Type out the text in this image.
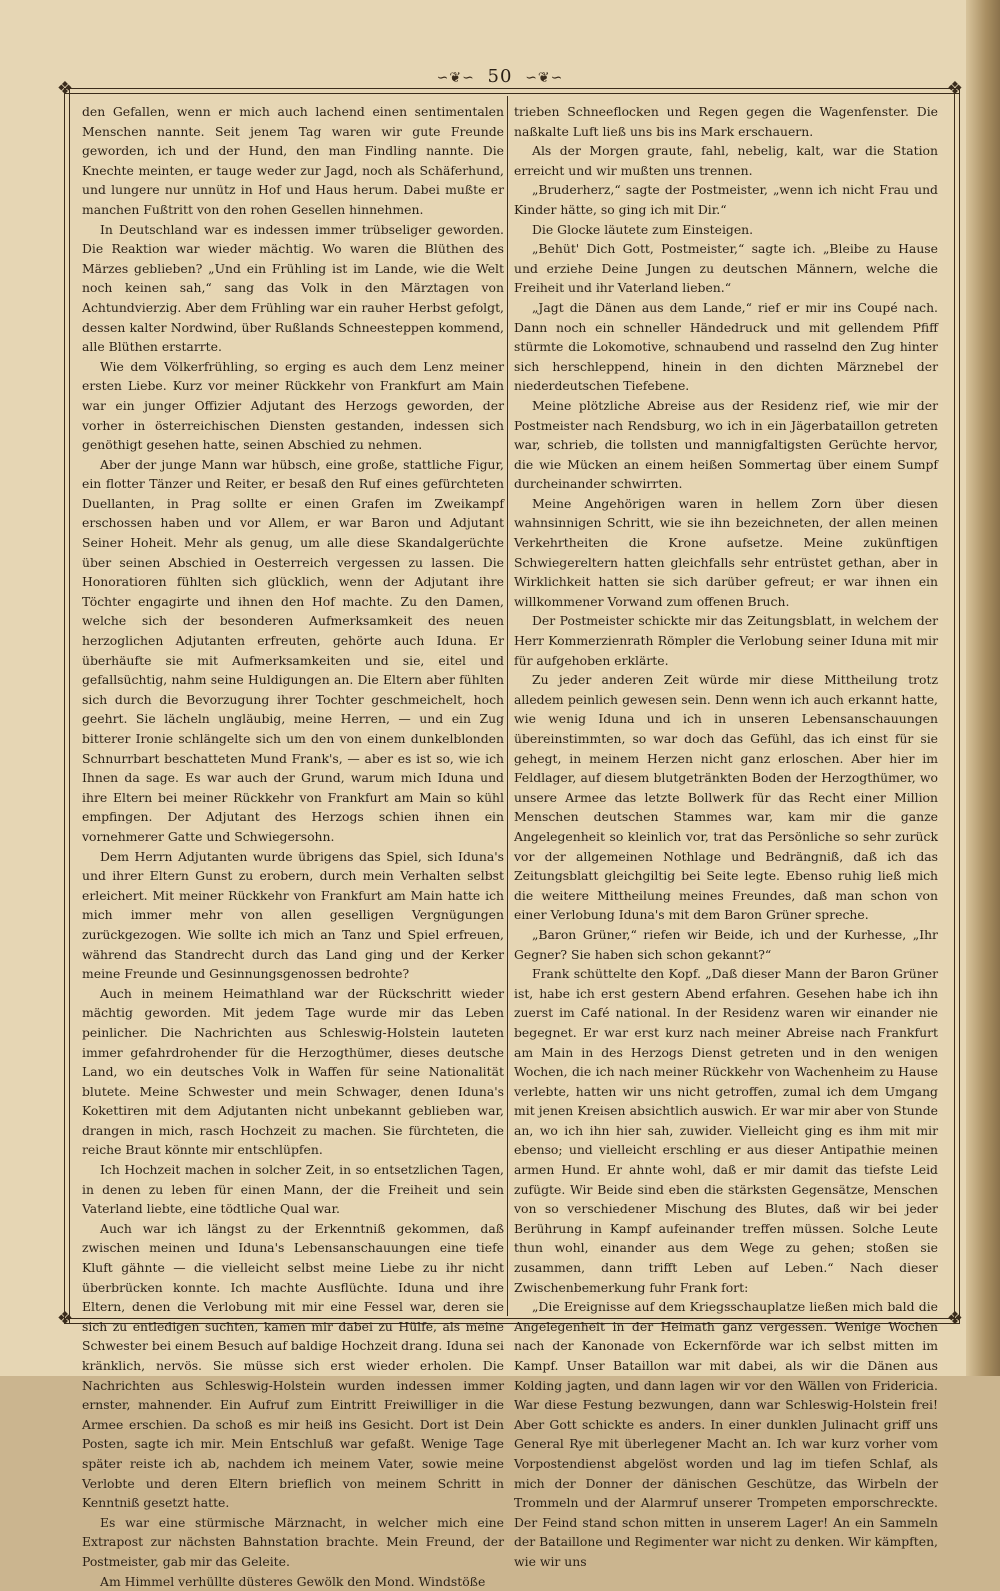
∽❦∽ 50 ∽❦∽
❖	❖
❖	❖

den Gefallen, wenn er mich auch lachend einen sentimentalen Menschen nannte. Seit jenem Tag waren wir gute Freunde geworden, ich und der Hund, den man Findling nannte. Die Knechte meinten, er tauge weder zur Jagd, noch als Schäferhund, und lungere nur unnütz in Hof und Haus herum. Dabei mußte er manchen Fußtritt von den rohen Gesellen hinnehmen.

In Deutschland war es indessen immer trübseliger geworden. Die Reaktion war wieder mächtig. Wo waren die Blüthen des Märzes geblieben? „Und ein Frühling ist im Lande, wie die Welt noch keinen sah,“ sang das Volk in den Märztagen von Achtundvierzig. Aber dem Frühling war ein rauher Herbst gefolgt, dessen kalter Nordwind, über Rußlands Schneesteppen kommend, alle Blüthen erstarrte.

Wie dem Völkerfrühling, so erging es auch dem Lenz meiner ersten Liebe. Kurz vor meiner Rückkehr von Frankfurt am Main war ein junger Offizier Adjutant des Herzogs geworden, der vorher in österreichischen Diensten gestanden, indessen sich genöthigt gesehen hatte, seinen Abschied zu nehmen.

Aber der junge Mann war hübsch, eine große, stattliche Figur, ein flotter Tänzer und Reiter, er besaß den Ruf eines gefürchteten Duellanten, in Prag sollte er einen Grafen im Zweikampf erschossen haben und vor Allem, er war Baron und Adjutant Seiner Hoheit. Mehr als genug, um alle diese Skandalgerüchte über seinen Abschied in Oesterreich vergessen zu lassen. Die Honoratioren fühlten sich glücklich, wenn der Adjutant ihre Töchter engagirte und ihnen den Hof machte. Zu den Damen, welche sich der besonderen Aufmerksamkeit des neuen herzoglichen Adjutanten erfreuten, gehörte auch Iduna. Er überhäufte sie mit Aufmerksamkeiten und sie, eitel und gefallsüchtig, nahm seine Huldigungen an. Die Eltern aber fühlten sich durch die Bevorzugung ihrer Tochter geschmeichelt, hoch geehrt. Sie lächeln ungläubig, meine Herren, — und ein Zug bitterer Ironie schlängelte sich um den von einem dunkelblonden Schnurrbart beschatteten Mund Frank's, — aber es ist so, wie ich Ihnen da sage. Es war auch der Grund, warum mich Iduna und ihre Eltern bei meiner Rückkehr von Frankfurt am Main so kühl empfingen. Der Adjutant des Herzogs schien ihnen ein vornehmerer Gatte und Schwiegersohn.

Dem Herrn Adjutanten wurde übrigens das Spiel, sich Iduna's und ihrer Eltern Gunst zu erobern, durch mein Verhalten selbst erleichert. Mit meiner Rückkehr von Frankfurt am Main hatte ich mich immer mehr von allen geselligen Vergnügungen zurückgezogen. Wie sollte ich mich an Tanz und Spiel erfreuen, während das Standrecht durch das Land ging und der Kerker meine Freunde und Gesinnungsgenossen bedrohte?

Auch in meinem Heimathland war der Rückschritt wieder mächtig geworden. Mit jedem Tage wurde mir das Leben peinlicher. Die Nachrichten aus Schleswig-Holstein lauteten immer gefahrdrohender für die Herzogthümer, dieses deutsche Land, wo ein deutsches Volk in Waffen für seine Nationalität blutete. Meine Schwester und mein Schwager, denen Iduna's Kokettiren mit dem Adjutanten nicht unbekannt geblieben war, drangen in mich, rasch Hochzeit zu machen. Sie fürchteten, die reiche Braut könnte mir entschlüpfen.

Ich Hochzeit machen in solcher Zeit, in so entsetzlichen Tagen, in denen zu leben für einen Mann, der die Freiheit und sein Vaterland liebte, eine tödtliche Qual war.

Auch war ich längst zu der Erkenntniß gekommen, daß zwischen meinen und Iduna's Lebensanschauungen eine tiefe Kluft gähnte — die vielleicht selbst meine Liebe zu ihr nicht überbrücken konnte. Ich machte Ausflüchte. Iduna und ihre Eltern, denen die Verlobung mit mir eine Fessel war, deren sie sich zu entledigen suchten, kamen mir dabei zu Hülfe, als meine Schwester bei einem Besuch auf baldige Hochzeit drang. Iduna sei kränklich, nervös. Sie müsse sich erst wieder erholen. Die Nachrichten aus Schleswig-Holstein wurden indessen immer ernster, mahnender. Ein Aufruf zum Eintritt Freiwilliger in die Armee erschien. Da schoß es mir heiß ins Gesicht. Dort ist Dein Posten, sagte ich mir. Mein Entschluß war gefaßt. Wenige Tage später reiste ich ab, nachdem ich meinem Vater, sowie meine Verlobte und deren Eltern brieflich von meinem Schritt in Kenntniß gesetzt hatte.

Es war eine stürmische Märznacht, in welcher mich eine Extrapost zur nächsten Bahnstation brachte. Mein Freund, der Postmeister, gab mir das Geleite.

Am Himmel verhüllte düsteres Gewölk den Mond. Windstöße

trieben Schneeflocken und Regen gegen die Wagenfenster. Die naßkalte Luft ließ uns bis ins Mark erschauern.

Als der Morgen graute, fahl, nebelig, kalt, war die Station erreicht und wir mußten uns trennen.

„Bruderherz,“ sagte der Postmeister, „wenn ich nicht Frau und Kinder hätte, so ging ich mit Dir.“

Die Glocke läutete zum Einsteigen.

„Behüt' Dich Gott, Postmeister,“ sagte ich. „Bleibe zu Hause und erziehe Deine Jungen zu deutschen Männern, welche die Freiheit und ihr Vaterland lieben.“

„Jagt die Dänen aus dem Lande,“ rief er mir ins Coupé nach. Dann noch ein schneller Händedruck und mit gellendem Pfiff stürmte die Lokomotive, schnaubend und rasselnd den Zug hinter sich herschleppend, hinein in den dichten Märznebel der niederdeutschen Tiefebene.

Meine plötzliche Abreise aus der Residenz rief, wie mir der Postmeister nach Rendsburg, wo ich in ein Jägerbataillon getreten war, schrieb, die tollsten und mannigfaltigsten Gerüchte hervor, die wie Mücken an einem heißen Sommertag über einem Sumpf durcheinander schwirrten.

Meine Angehörigen waren in hellem Zorn über diesen wahnsinnigen Schritt, wie sie ihn bezeichneten, der allen meinen Verkehrtheiten die Krone aufsetze. Meine zukünftigen Schwiegereltern hatten gleichfalls sehr entrüstet gethan, aber in Wirklichkeit hatten sie sich darüber gefreut; er war ihnen ein willkommener Vorwand zum offenen Bruch.

Der Postmeister schickte mir das Zeitungsblatt, in welchem der Herr Kommerzienrath Römpler die Verlobung seiner Iduna mit mir für aufgehoben erklärte.

Zu jeder anderen Zeit würde mir diese Mittheilung trotz alledem peinlich gewesen sein. Denn wenn ich auch erkannt hatte, wie wenig Iduna und ich in unseren Lebensanschauungen übereinstimmten, so war doch das Gefühl, das ich einst für sie gehegt, in meinem Herzen nicht ganz erloschen. Aber hier im Feldlager, auf diesem blutgetränkten Boden der Herzogthümer, wo unsere Armee das letzte Bollwerk für das Recht einer Million Menschen deutschen Stammes war, kam mir die ganze Angelegenheit so kleinlich vor, trat das Persönliche so sehr zurück vor der allgemeinen Nothlage und Bedrängniß, daß ich das Zeitungsblatt gleichgiltig bei Seite legte. Ebenso ruhig ließ mich die weitere Mittheilung meines Freundes, daß man schon von einer Verlobung Iduna's mit dem Baron Grüner spreche.

„Baron Grüner,“ riefen wir Beide, ich und der Kurhesse, „Ihr Gegner? Sie haben sich schon gekannt?“

Frank schüttelte den Kopf. „Daß dieser Mann der Baron Grüner ist, habe ich erst gestern Abend erfahren. Gesehen habe ich ihn zuerst im Café national. In der Residenz waren wir einander nie begegnet. Er war erst kurz nach meiner Abreise nach Frankfurt am Main in des Herzogs Dienst getreten und in den wenigen Wochen, die ich nach meiner Rückkehr von Wachenheim zu Hause verlebte, hatten wir uns nicht getroffen, zumal ich dem Umgang mit jenen Kreisen absichtlich auswich. Er war mir aber von Stunde an, wo ich ihn hier sah, zuwider. Vielleicht ging es ihm mit mir ebenso; und vielleicht erschling er aus dieser Antipathie meinen armen Hund. Er ahnte wohl, daß er mir damit das tiefste Leid zufügte. Wir Beide sind eben die stärksten Gegensätze, Menschen von so verschiedener Mischung des Blutes, daß wir bei jeder Berührung in Kampf aufeinander treffen müssen. Solche Leute thun wohl, einander aus dem Wege zu gehen; stoßen sie zusammen, dann trifft Leben auf Leben.“ Nach dieser Zwischenbemerkung fuhr Frank fort:

„Die Ereignisse auf dem Kriegsschauplatze ließen mich bald die Angelegenheit in der Heimath ganz vergessen. Wenige Wochen nach der Kanonade von Eckernförde war ich selbst mitten im Kampf. Unser Bataillon war mit dabei, als wir die Dänen aus Kolding jagten, und dann lagen wir vor den Wällen von Fridericia. War diese Festung bezwungen, dann war Schleswig-Holstein frei! Aber Gott schickte es anders. In einer dunklen Julinacht griff uns General Rye mit überlegener Macht an. Ich war kurz vorher vom Vorpostendienst abgelöst worden und lag im tiefen Schlaf, als mich der Donner der dänischen Geschütze, das Wirbeln der Trommeln und der Alarmruf unserer Trompeten emporschreckte. Der Feind stand schon mitten in unserem Lager! An ein Sammeln der Bataillone und Regimenter war nicht zu denken. Wir kämpften, wie wir uns
